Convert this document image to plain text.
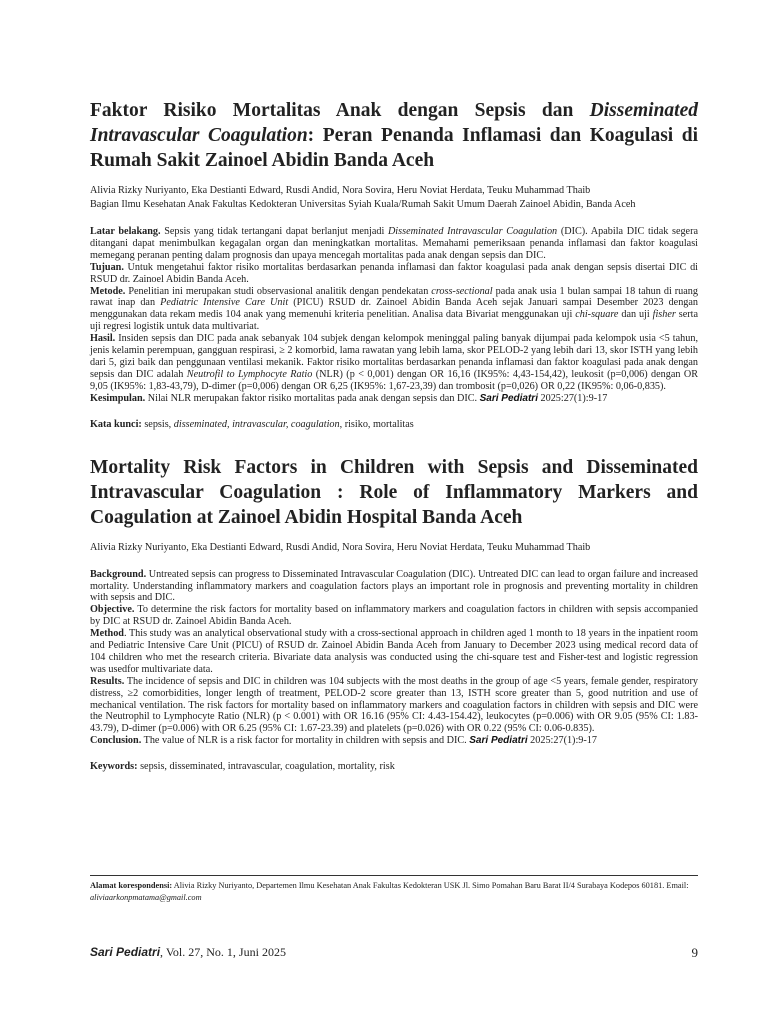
Faktor Risiko Mortalitas Anak dengan Sepsis dan Disseminated Intravascular Coagulation: Peran Penanda Inflamasi dan Koagulasi di Rumah Sakit Zainoel Abidin Banda Aceh

Alivia Rizky Nuriyanto, Eka Destianti Edward, Rusdi Andid, Nora Sovira, Heru Noviat Herdata, Teuku Muhammad Thaib

Bagian Ilmu Kesehatan Anak Fakultas Kedokteran Universitas Syiah Kuala/Rumah Sakit Umum Daerah Zainoel Abidin, Banda Aceh

Latar belakang. Sepsis yang tidak tertangani dapat berlanjut menjadi Disseminated Intravascular Coagulation (DIC). Apabila DIC tidak segera ditangani dapat menimbulkan kegagalan organ dan meningkatkan mortalitas. Memahami pemeriksaan penanda inflamasi dan faktor koagulasi memegang peranan penting dalam prognosis dan upaya mencegah mortalitas pada anak dengan sepsis dan DIC.

Tujuan. Untuk mengetahui faktor risiko mortalitas berdasarkan penanda inflamasi dan faktor koagulasi pada anak dengan sepsis disertai DIC di RSUD dr. Zainoel Abidin Banda Aceh.

Metode. Penelitian ini merupakan studi observasional analitik dengan pendekatan cross-sectional pada anak usia 1 bulan sampai 18 tahun di ruang rawat inap dan Pediatric Intensive Care Unit (PICU) RSUD dr. Zainoel Abidin Banda Aceh sejak Januari sampai Desember 2023 dengan menggunakan data rekam medis 104 anak yang memenuhi kriteria penelitian. Analisa data Bivariat menggunakan uji chi-square dan uji fisher serta uji regresi logistik untuk data multivariat.

Hasil. Insiden sepsis dan DIC pada anak sebanyak 104 subjek dengan kelompok meninggal paling banyak dijumpai pada kelompok usia <5 tahun, jenis kelamin perempuan, gangguan respirasi, ≥ 2 komorbid, lama rawatan yang lebih lama, skor PELOD-2 yang lebih dari 13, skor ISTH yang lebih dari 5, gizi baik dan penggunaan ventilasi mekanik. Faktor risiko mortalitas berdasarkan penanda inflamasi dan faktor koagulasi pada anak dengan sepsis dan DIC adalah Neutrofil to Lymphocyte Ratio (NLR) (p < 0,001) dengan OR 16,16 (IK95%: 4,43-154,42), leukosit (p=0,006) dengan OR 9,05 (IK95%: 1,83-43,79), D-dimer (p=0,006) dengan OR 6,25 (IK95%: 1,67-23,39) dan trombosit (p=0,026) OR 0,22 (IK95%: 0,06-0,835).

Kesimpulan. Nilai NLR merupakan faktor risiko mortalitas pada anak dengan sepsis dan DIC. Sari Pediatri 2025:27(1):9-17

Kata kunci: sepsis, disseminated, intravascular, coagulation, risiko, mortalitas

Mortality Risk Factors in Children with Sepsis and Disseminated Intravascular Coagulation : Role of Inflammatory Markers and Coagulation at Zainoel Abidin Hospital Banda Aceh

Alivia Rizky Nuriyanto, Eka Destianti Edward, Rusdi Andid, Nora Sovira, Heru Noviat Herdata, Teuku Muhammad Thaib

Background. Untreated sepsis can progress to Disseminated Intravascular Coagulation (DIC). Untreated DIC can lead to organ failure and increased mortality. Understanding inflammatory markers and coagulation factors plays an important role in prognosis and preventing mortality in children with sepsis and DIC.

Objective. To determine the risk factors for mortality based on inflammatory markers and coagulation factors in children with sepsis accompanied by DIC at RSUD dr. Zainoel Abidin Banda Aceh.

Method. This study was an analytical observational study with a cross-sectional approach in children aged 1 month to 18 years in the inpatient room and Pediatric Intensive Care Unit (PICU) of RSUD dr. Zainoel Abidin Banda Aceh from January to December 2023 using medical record data of 104 children who met the research criteria. Bivariate data analysis was conducted using the chi-square test and Fisher-test and logistic regression was usedfor multivariate data.

Results. The incidence of sepsis and DIC in children was 104 subjects with the most deaths in the group of age <5 years, female gender, respiratory distress, ≥2 comorbidities, longer length of treatment, PELOD-2 score greater than 13, ISTH score greater than 5, good nutrition and use of mechanical ventilation. The risk factors for mortality based on inflammatory markers and coagulation factors in children with sepsis and DIC were the Neutrophil to Lymphocyte Ratio (NLR) (p < 0.001) with OR 16.16 (95% CI: 4.43-154.42), leukocytes (p=0.006) with OR 9.05 (95% CI: 1.83-43.79), D-dimer (p=0.006) with OR 6.25 (95% CI: 1.67-23.39) and platelets (p=0.026) with OR 0.22 (95% CI: 0.06-0.835).

Conclusion. The value of NLR is a risk factor for mortality in children with sepsis and DIC. Sari Pediatri 2025:27(1):9-17

Keywords: sepsis, disseminated, intravascular, coagulation, mortality, risk

Alamat korespondensi: Alivia Rizky Nuriyanto, Departemen Ilmu Kesehatan Anak Fakultas Kedokteran USK Jl. Simo Pomahan Baru Barat II/4 Surabaya Kodepos 60181. Email: aliviaarkonpmatama@gmail.com
Sari Pediatri, Vol. 27, No. 1, Juni 2025	9
